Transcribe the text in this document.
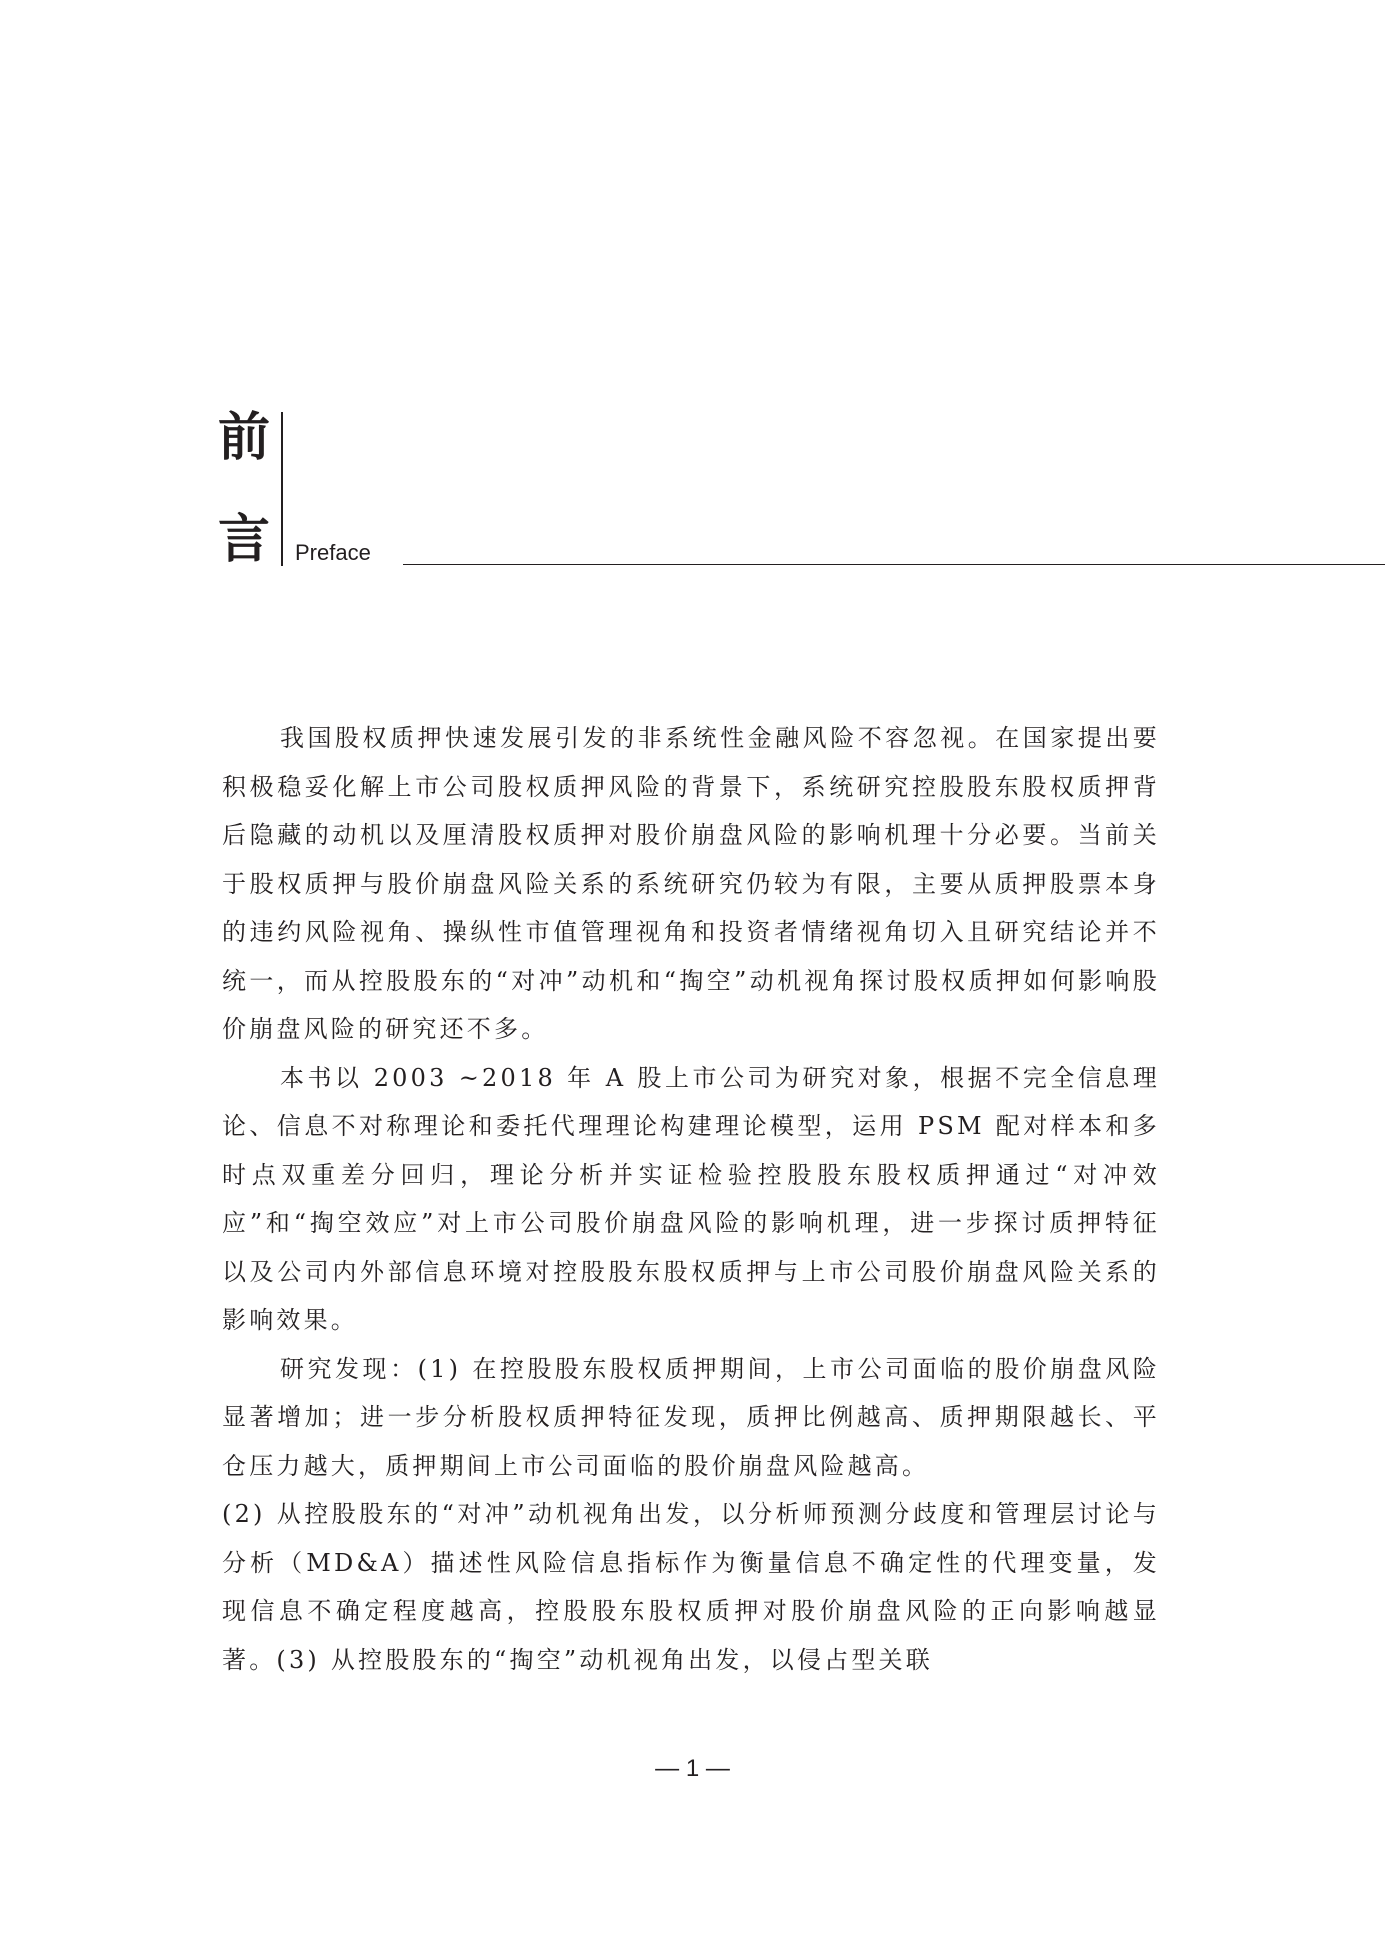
前
言 Preface

我国股权质押快速发展引发的非系统性金融风险不容忽视。在国家提出要积极稳妥化解上市公司股权质押风险的背景下，系统研究控股股东股权质押背后隐藏的动机以及厘清股权质押对股价崩盘风险的影响机理十分必要。当前关于股权质押与股价崩盘风险关系的系统研究仍较为有限，主要从质押股票本身的违约风险视角、操纵性市值管理视角和投资者情绪视角切入且研究结论并不统一，而从控股股东的“对冲”动机和“掏空”动机视角探讨股权质押如何影响股价崩盘风险的研究还不多。

本书以 2003 ~2018 年 A 股上市公司为研究对象，根据不完全信息理论、信息不对称理论和委托代理理论构建理论模型，运用 PSM 配对样本和多时点双重差分回归，理论分析并实证检验控股股东股权质押通过“对冲效应”和“掏空效应”对上市公司股价崩盘风险的影响机理，进一步探讨质押特征以及公司内外部信息环境对控股股东股权质押与上市公司股价崩盘风险关系的影响效果。

研究发现：(1) 在控股股东股权质押期间，上市公司面临的股价崩盘风险显著增加；进一步分析股权质押特征发现，质押比例越高、质押期限越长、平仓压力越大，质押期间上市公司面临的股价崩盘风险越高。

(2) 从控股股东的“对冲”动机视角出发，以分析师预测分歧度和管理层讨论与分析（MD&A）描述性风险信息指标作为衡量信息不确定性的代理变量，发现信息不确定程度越高，控股股东股权质押对股价崩盘风险的正向影响越显著。(3) 从控股股东的“掏空”动机视角出发，以侵占型关联

— 1 —
